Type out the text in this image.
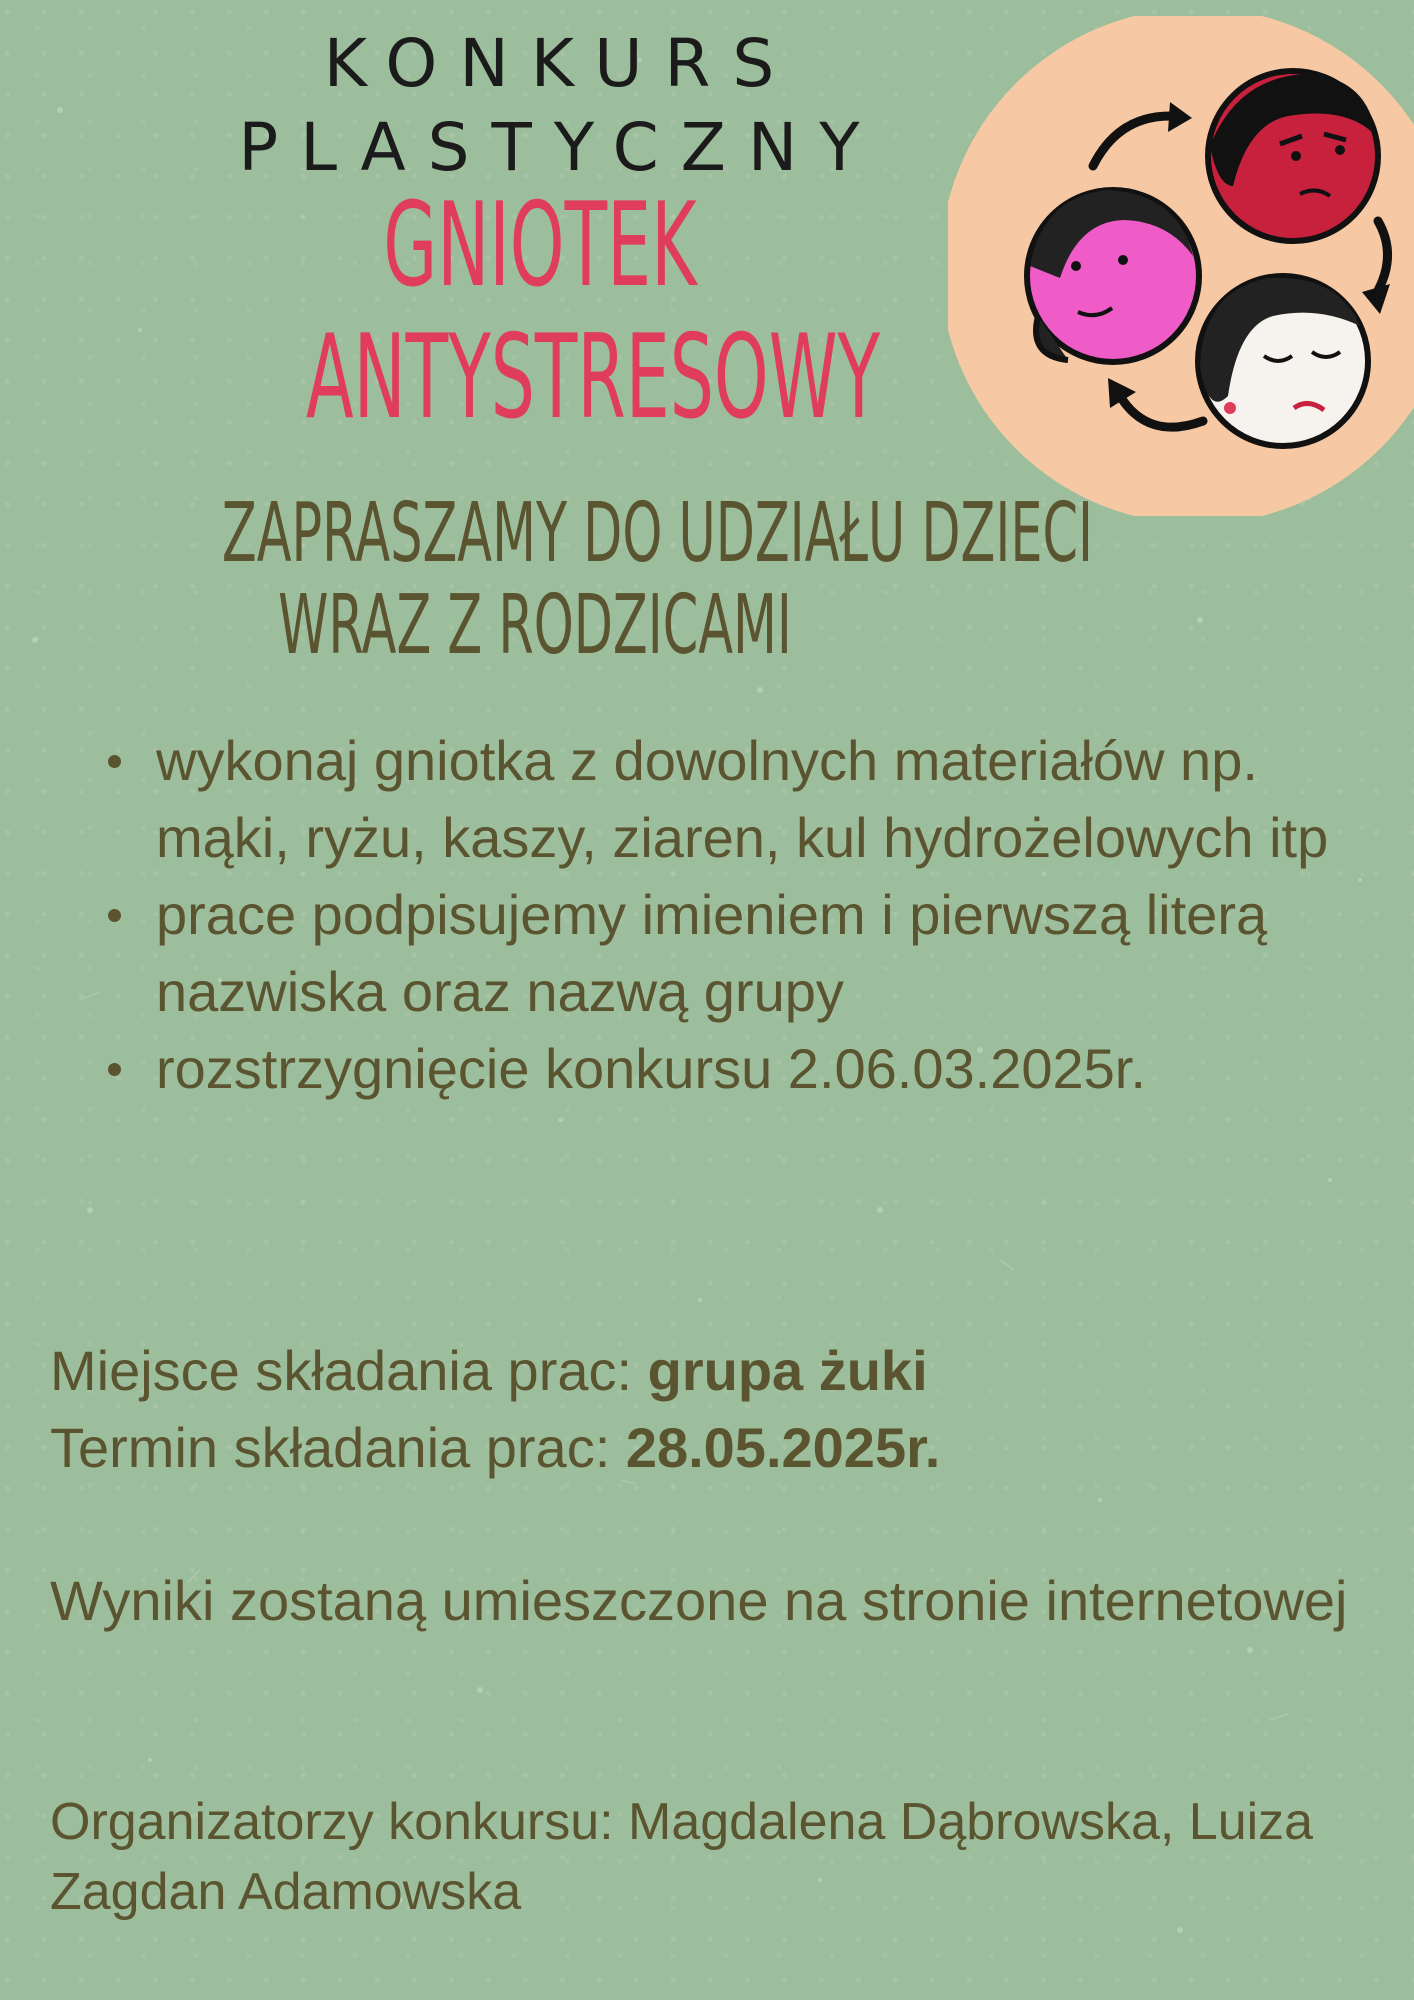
KONKURS
PLASTYCZNY
GNIOTEK
ANTYSTRESOWY
ZAPRASZAMY DO UDZIAŁU DZIECI
WRAZ Z RODZICAMI
wykonaj gniotka z dowolnych materiałów np. mąki, ryżu, kaszy, ziaren, kul hydrożelowych itp
prace podpisujemy imieniem i pierwszą literą nazwiska oraz nazwą grupy
rozstrzygnięcie konkursu 2.06.03.2025r.
Miejsce składania prac: grupa żuki
Termin składania prac: 28.05.2025r.
Wyniki zostaną umieszczone na stronie internetowej
Organizatorzy konkursu: Magdalena Dąbrowska, Luiza Zagdan Adamowska
